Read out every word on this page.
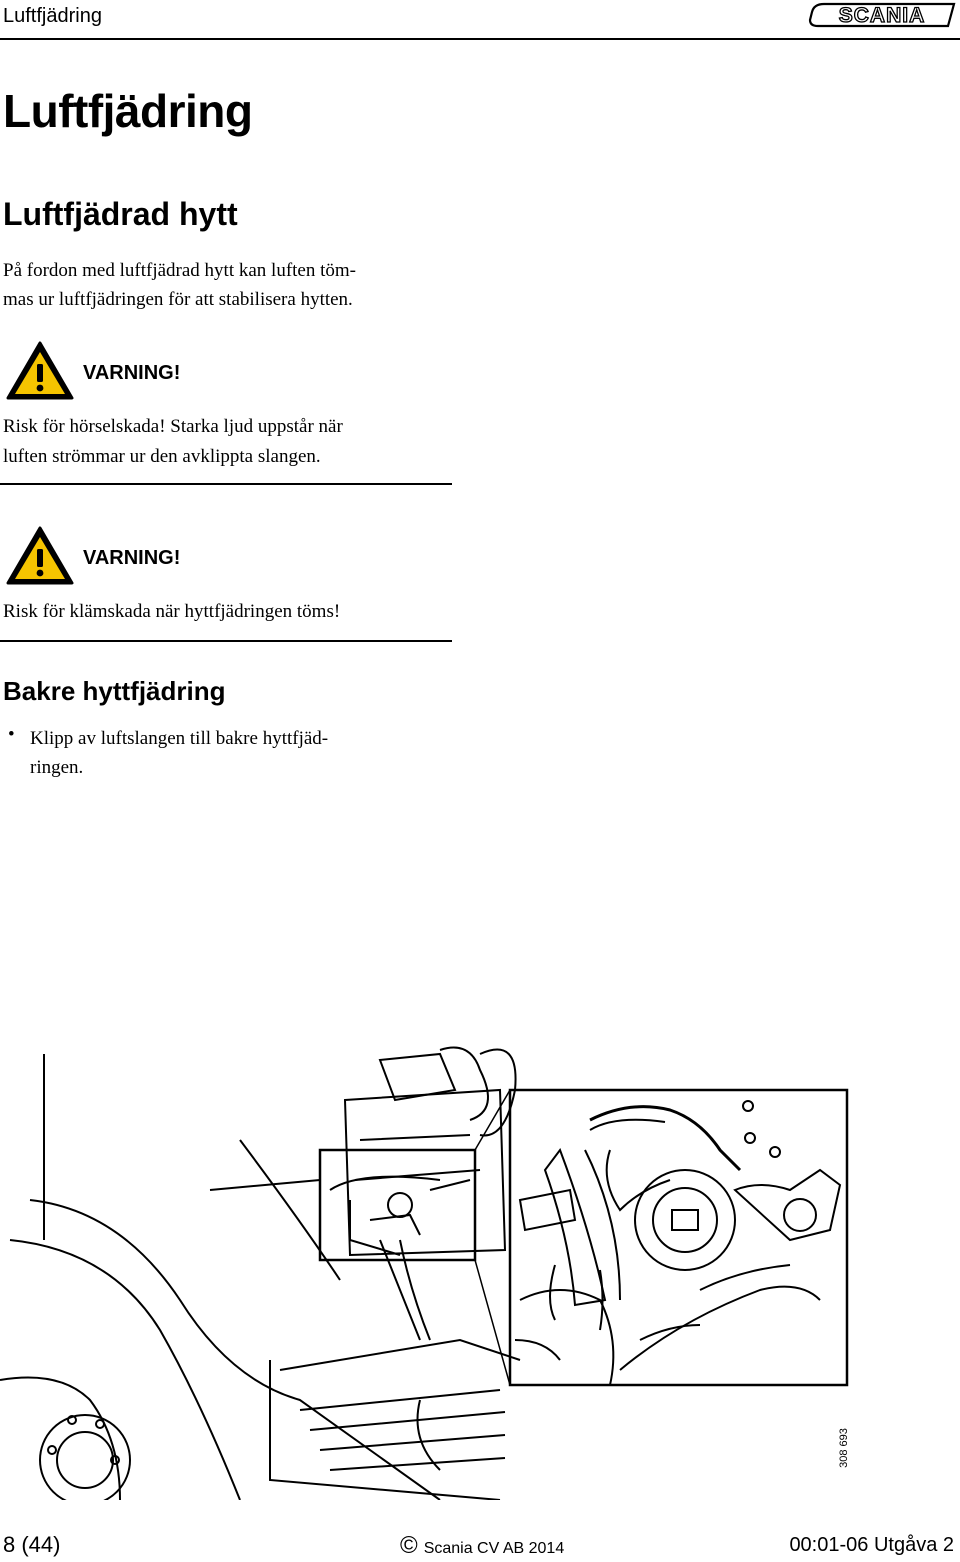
Luftfjädring	SCANIA
Luftfjädring
Luftfjädrad hytt
På fordon med luftfjädrad hytt kan luften töm-
mas ur luftfjädringen för att stabilisera hytten.
VARNING!
Risk för hörselskada! Starka ljud uppstår när
luften strömmar ur den avklippta slangen.
VARNING!
Risk för klämskada när hyttfjädringen töms!
Bakre hyttfjädring
• Klipp av luftslangen till bakre hyttfjäd-
ringen.
308 693
8 (44)	© Scania CV AB 2014	00:01-06 Utgåva 2
